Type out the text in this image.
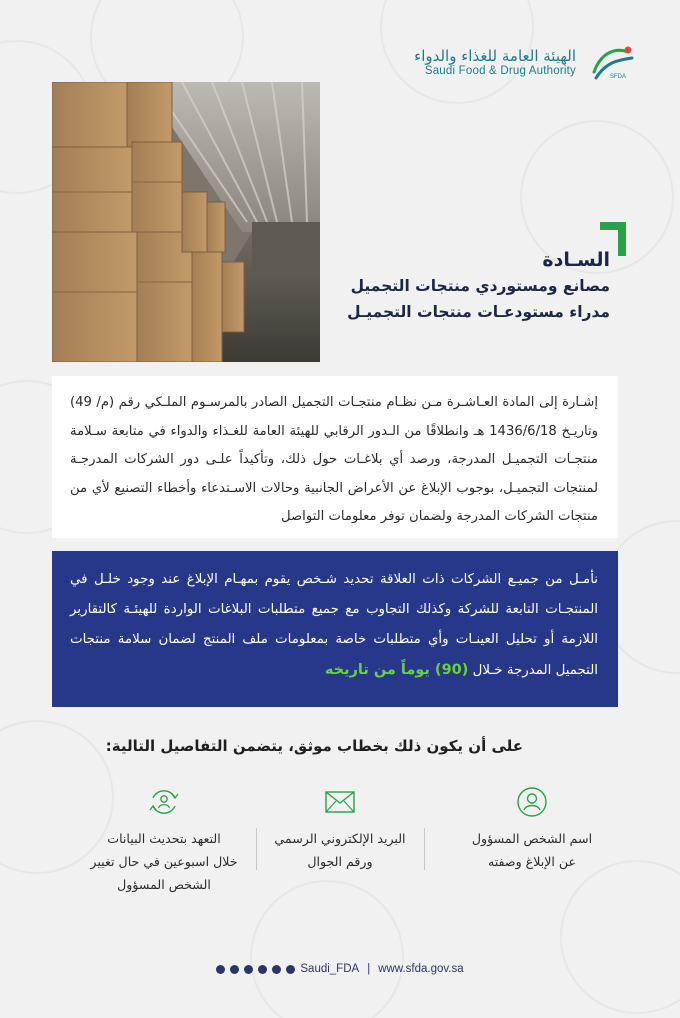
الهيئة العامة للغذاء والدواء
Saudi Food & Drug Authority	SFDA
السـادة
مصانع ومستوردي منتجات التجميل
مدراء مستودعـات منتجات التجميـل
إشـارة إلى المادة العـاشـرة مـن نظـام منتجـات التجميل الصادر بالمرسـوم الملـكي رقم (م/ 49) وتاريـخ 1436/6/18 هـ وانطلاقًا من الـدور الرقابي للهيئة العامة للغـذاء والدواء في متابعة سـلامة منتجـات التجميـل المدرجة، ورصد أي بلاغـات حول ذلك، وتأكيداً علـى دور الشركات المدرجـة لمنتجات التجميـل، بوجوب الإبلاغ عن الأعراض الجانبية وحالات الاسـتدعاء وأخطاء التصنيع لأي من منتجات الشركات المدرجة ولضمان توفر معلومات التواصل
نأمـل من جميـع الشركات ذات العلاقة تحديد شـخص يقوم بمهـام الإبلاغ عند وجود خلـل في المنتجـات التابعة للشركة وكذلك التجاوب مع جميع متطلبات البلاغات الواردة للهيئـة كالتقارير اللازمة أو تحليل العينـات وأي متطلبات خاصة بمعلومات ملف المنتج لضمان سلامة منتجات التجميل المدرجة خـلال (90) يوماً من تاريخه
على أن يكون ذلك بخطاب موثق، يتضمن التفاصيل التالية:
اسم الشخص المسؤول
عن الإبلاغ وصفته
البريد الإلكتروني الرسمي
ورقم الجوال
التعهد بتحديث البيانات
خلال اسبوعين في حال تغيير
الشخص المسؤول
Saudi_FDA | www.sfda.gov.sa
